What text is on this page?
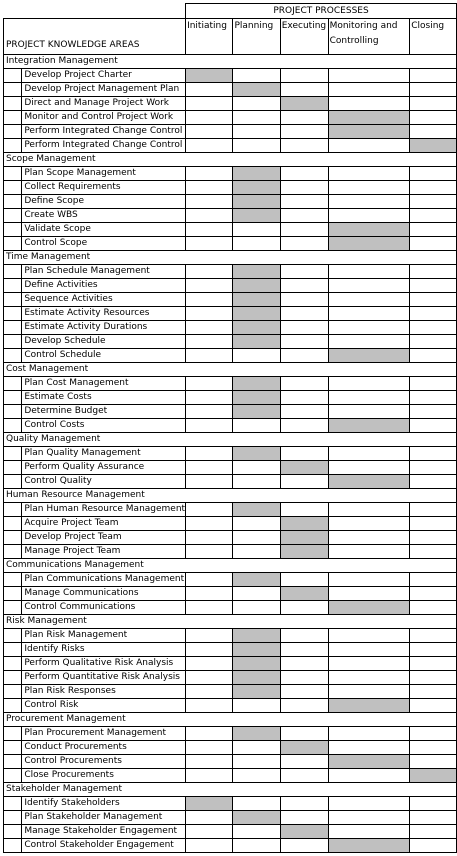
		PROJECT PROCESSES				
PROJECT KNOWLEDGE AREAS		Initiating	Planning	Executing	Monitoring and Controlling	Closing
Integration Management						
	Develop Project Charter					
	Develop Project Management Plan					
	Direct and Manage Project Work					
	Monitor and Control Project Work					
	Perform Integrated Change Control					
	Perform Integrated Change Control					
Scope Management						
	Plan Scope Management					
	Collect Requirements					
	Define Scope					
	Create WBS					
	Validate Scope					
	Control Scope					
Time Management						
	Plan Schedule Management					
	Define Activities					
	Sequence Activities					
	Estimate Activity Resources					
	Estimate Activity Durations					
	Develop Schedule					
	Control Schedule					
Cost Management						
	Plan Cost Management					
	Estimate Costs					
	Determine Budget					
	Control Costs					
Quality Management						
	Plan Quality Management					
	Perform Quality Assurance					
	Control Quality					
Human Resource Management						
	Plan Human Resource Management					
	Acquire Project Team					
	Develop Project Team					
	Manage Project Team					
Communications Management						
	Plan Communications Management					
	Manage Communications					
	Control Communications					
Risk Management						
	Plan Risk Management					
	Identify Risks					
	Perform Qualitative Risk Analysis					
	Perform Quantitative Risk Analysis					
	Plan Risk Responses					
	Control Risk					
Procurement Management						
	Plan Procurement Management					
	Conduct Procurements					
	Control Procurements					
	Close Procurements					
Stakeholder Management						
	Identify Stakeholders					
	Plan Stakeholder Management					
	Manage Stakeholder Engagement					
	Control Stakeholder Engagement					
